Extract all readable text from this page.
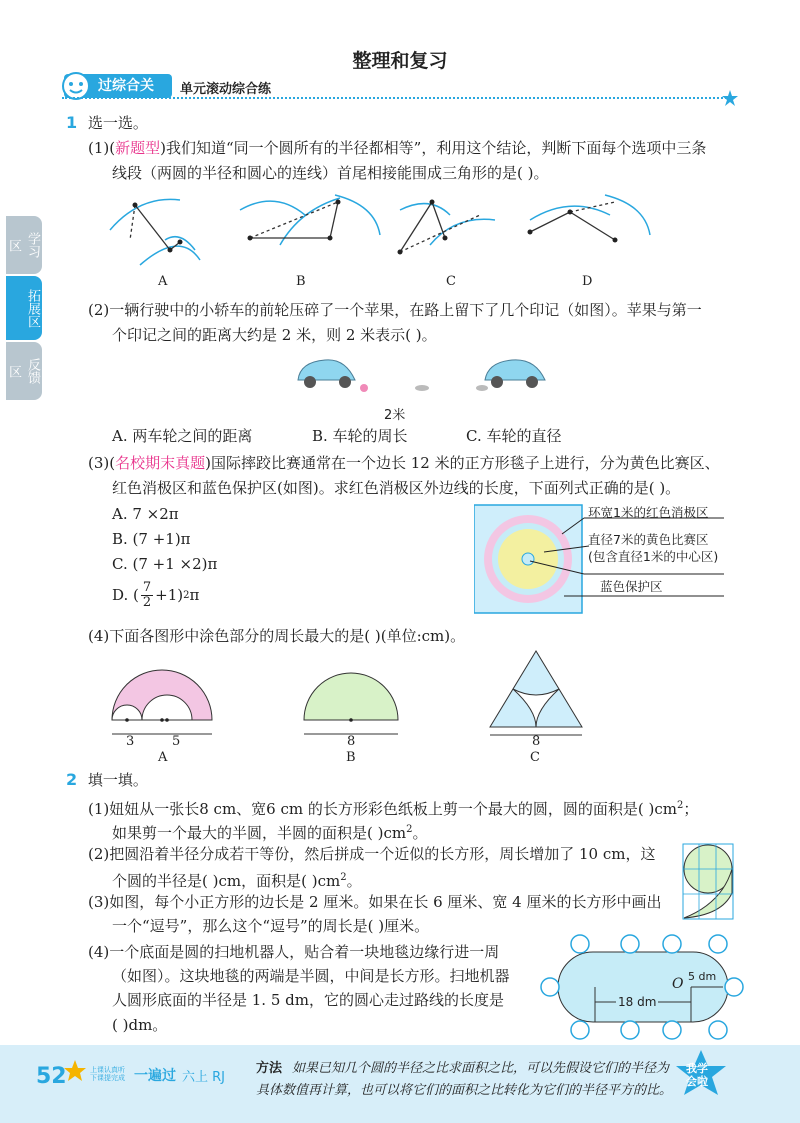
整理和复习
过综合关	单元滚动综合练
学习区
拓展区
反馈区
1 选一选。
(1)(新题型)我们知道“同一个圆所有的半径都相等”，利用这个结论，判断下面每个选项中三条
线段（两圆的半径和圆心的连线）首尾相接能围成三角形的是( )。
A	B	C	D
(2)一辆行驶中的小轿车的前轮压碎了一个苹果，在路上留下了几个印记（如图）。苹果与第一
个印记之间的距离大约是 2 米，则 2 米表示( )。
2米
A. 两车轮之间的距离	B. 车轮的周长	C. 车轮的直径
(3)(名校期末真题)国际摔跤比赛通常在一个边长 12 米的正方形毯子上进行，分为黄色比赛区、
红色消极区和蓝色保护区(如图)。求红色消极区外边线的长度，下面列式正确的是( )。
A. 7 ×2π
B. (7 +1)π
C. (7 +1 ×2)π
D. ( $\frac{7}{2} +1$) 2 π
环宽1米的红色消极区
直径7米的黄色比赛区
(包含直径1米的中心区)
蓝色保护区
(4)下面各图形中涂色部分的周长最大的是( )(单位:cm)。
3	5	8	8
A	B	C
2 填一填。
(1)妞妞从一张长8 cm、宽6 cm 的长方形彩色纸板上剪一个最大的圆，圆的面积是( )$cm^2$；
如果剪一个最大的半圆，半圆的面积是( )$cm^2$。
(2)把圆沿着半径分成若干等份，然后拼成一个近似的长方形，周长增加了 10 cm，这
个圆的半径是( )cm，面积是( )$cm^2$。
(3)如图，每个小正方形的边长是 2 厘米。如果在长 6 厘米、宽 4 厘米的长方形中画出
一个“逗号”，那么这个“逗号”的周长是( )厘米。
(4)一个底面是圆的扫地机器人，贴合着一块地毯边缘行进一周
（如图）。这块地毯的两端是半圆，中间是长方形。扫地机器
人圆形底面的半径是 1. 5 dm，它的圆心走过路线的长度是
( )dm。
O 5 dm
18 dm
52	上课认真听
下课提完成 一遍过 六上 RJ
方法 如果已知几个圆的半径之比求面积之比，可以先假设它们的半径为
具体数值再计算，也可以将它们的面积之比转化为它们的半径平方的比。
我学
会啦
